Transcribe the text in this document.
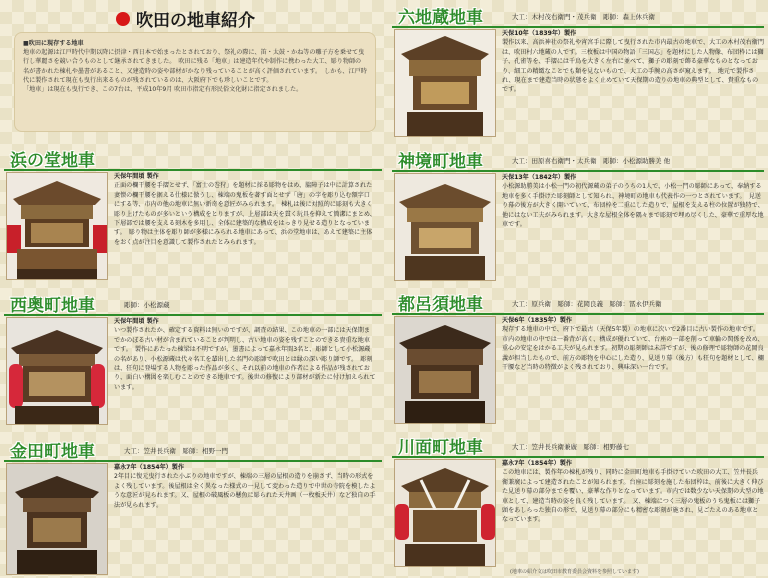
吹田の地車紹介

■吹田に現存する地車

地車の起源は江戸時代中期以降に摂津・西日本で始まったとされており、祭礼の際に、笛・太鼓・かね等の囃子方を乗せて曳行し華麗さを競い合うものとして継承されてきました。　吹田に残る「地車」は建造年代や制作に携わった大工、彫り物師の名が書かれた棟札や墨書があること、又建造時の姿や部材がかなり残っていることが高く評価されています。　しかも、江戸時代に製作されて現在も曳行出来るものが残されているのは、大阪府下でも珍しいことです。

「地車」は現在も曳行でき、この7台は、平成10年9月 吹田市指定有形民俗文化財に指定されました。

浜の堂地車
天保年間頃 製作

正面の欄干腰を手摺とせず、「富士の巻狩」を題材に採る彫物をはめ、脇障子は中に計算された妻懐の欄干腰を据える仕様に倣うし、棟端の鬼板を著す面とせず「唐」の字を彫り込む額字口にする等、市内の他の地車に無い新奇を意匠がみられます。　棟札は後に対照的に彫刻も大きく彫り上げたものが多いという構成をとりますが、上層部は天を貫く玩具を抑えて簡潔にまとめ、下層部では腰を支える刻木を多用し、全体に建築的な構成をはっきり見せる造りとなっています。　彫り物は主体を彫り師が多様にみられる地車にあって、浜の堂地車は、あえて建築に主体をおく点が注目を意識して製作されたとみられます。

西奥町地車	彫師：小松源蔵
天保年間頃 製作

いつ製作されたか、確定する資料は無いのですが、調査の結果、この地車の一部には天保期までかのぼる古い材が含まれていることが判明し、古い地車の姿を残すことのできる貴重な地車です。　製作にあたった棟梁は不明ですが、墨書によって嘉永年間3名と、彫師として小松源蔵の名があり、小松源蔵は代々名工を輩出した名門の彫師で吹田とは縁の深い彫り師です。　彫刻は、狂句に登場する人物を彫った作品が多く、それ以前の地車の作者による作品が残されており、面白い構図を楽しむことのできる地車です。後世の修復により部材が新たに付け加えられています。

金田町地車	大工：笠井長兵衛　彫師：相野一門
嘉永7年（1854年）製作

2年目に復元曳行された小ぶりの地車ですが、棟端の三層の屋根の造りを崩さず、当時の形式をよく残しています。後屋根は全く異なった様式の一見して変わった造りで中世の寺院を模したような意匠が見られます。又、屋根の破風板の懸魚に彫られた天井画（一枚板天井）など独自の手法が見られます。

六地蔵地車	大工：木村茂右衛門・茂兵衛　彫師：森上休兵衛
天保10年（1839年）製作

製作以来、高浜神社の祭礼や宵宮手に際して曳行された市内最古の地車で、大工の木村茂右衛門は、吹田村六地蔵の人です。三枚板は中国の物語「三国志」を題材にした人物像、布団枠には獅子、孔雀等を、手摺には千鳥を大きく左右に並べて、獅子の彫刻で飾る豪華なものとなっており、細工の精緻なことでも類を見ないもので、大工の手腕の高さが窺えます。　地元で製作され、現在まで建造当時の状態をよく止めていて天保期の造りの地車の典型として、貴重なものです。

神境町地車	大工：田原喜右衛門・太兵衛　彫師：小松源助勝美 他
天保13年（1842年）製作

小松源助勝美は小松一門の初代源蔵の弟子のうちの1人で、小松一門の彫師にあって、奉納する地車を多く手掛けた彫刻師として知られ、神境町の地車も代表作の一つとされています。　見送り幕の後方が大きく開いていて、布団枠を二重にした造りで、屋根を支える柱の位置が独特で、他にはない工夫がみられます。大きな屋根全体を隅々まで彫刻で埋め尽くした、豪華で重厚な地車です。

都呂須地車	大工：原兵衛　彫師：花岡良義　彫師：冨永伊兵衛
天保6年（1835年）製作

現存する地車の中で、府下で最古（天保5年製）の地車に次いで2番目に古い製作の地車です。市内の地車の中では一番背が高く、構成が優れていて、台座の一部を削って車輪の関係を改め、重心の安定をはかる工夫が見られます。初期の彫刻師は未詳ですが、後の修理で彫物師の花岡良義が担当したもので、前方の彫物を中心にした造り、見送り幕（後方）も狂句を題材として、欄干腰など当時の特徴がよく残されており、興味深い一台です。

川面町地車	大工：笠井長兵衛兼廣　彫師：相野藤七
嘉永7年（1854年）製作

この地車には、製作年の棟札が残り、同時に金田町地車も手掛けていた吹田の大工、笠井長兵衛兼廣によって建造されたことが知られます。台座に彫刻を施した布団枠は、前後に大きく伸びた見送り幕の部分までを覆い、豪華な作りとなっています。市内では数少ない天保期の大型の地車として、建造当時の姿を良く残しています。　又、棟端につく三層の鬼板のうち鬼板には獅子頭をあしらった独自の形で、見送り幕の部分にも精密な彫刻が施され、見ごたえのある地車となっています。

(地車の紹介文は吹田市教育委員会資料を参照しています)
